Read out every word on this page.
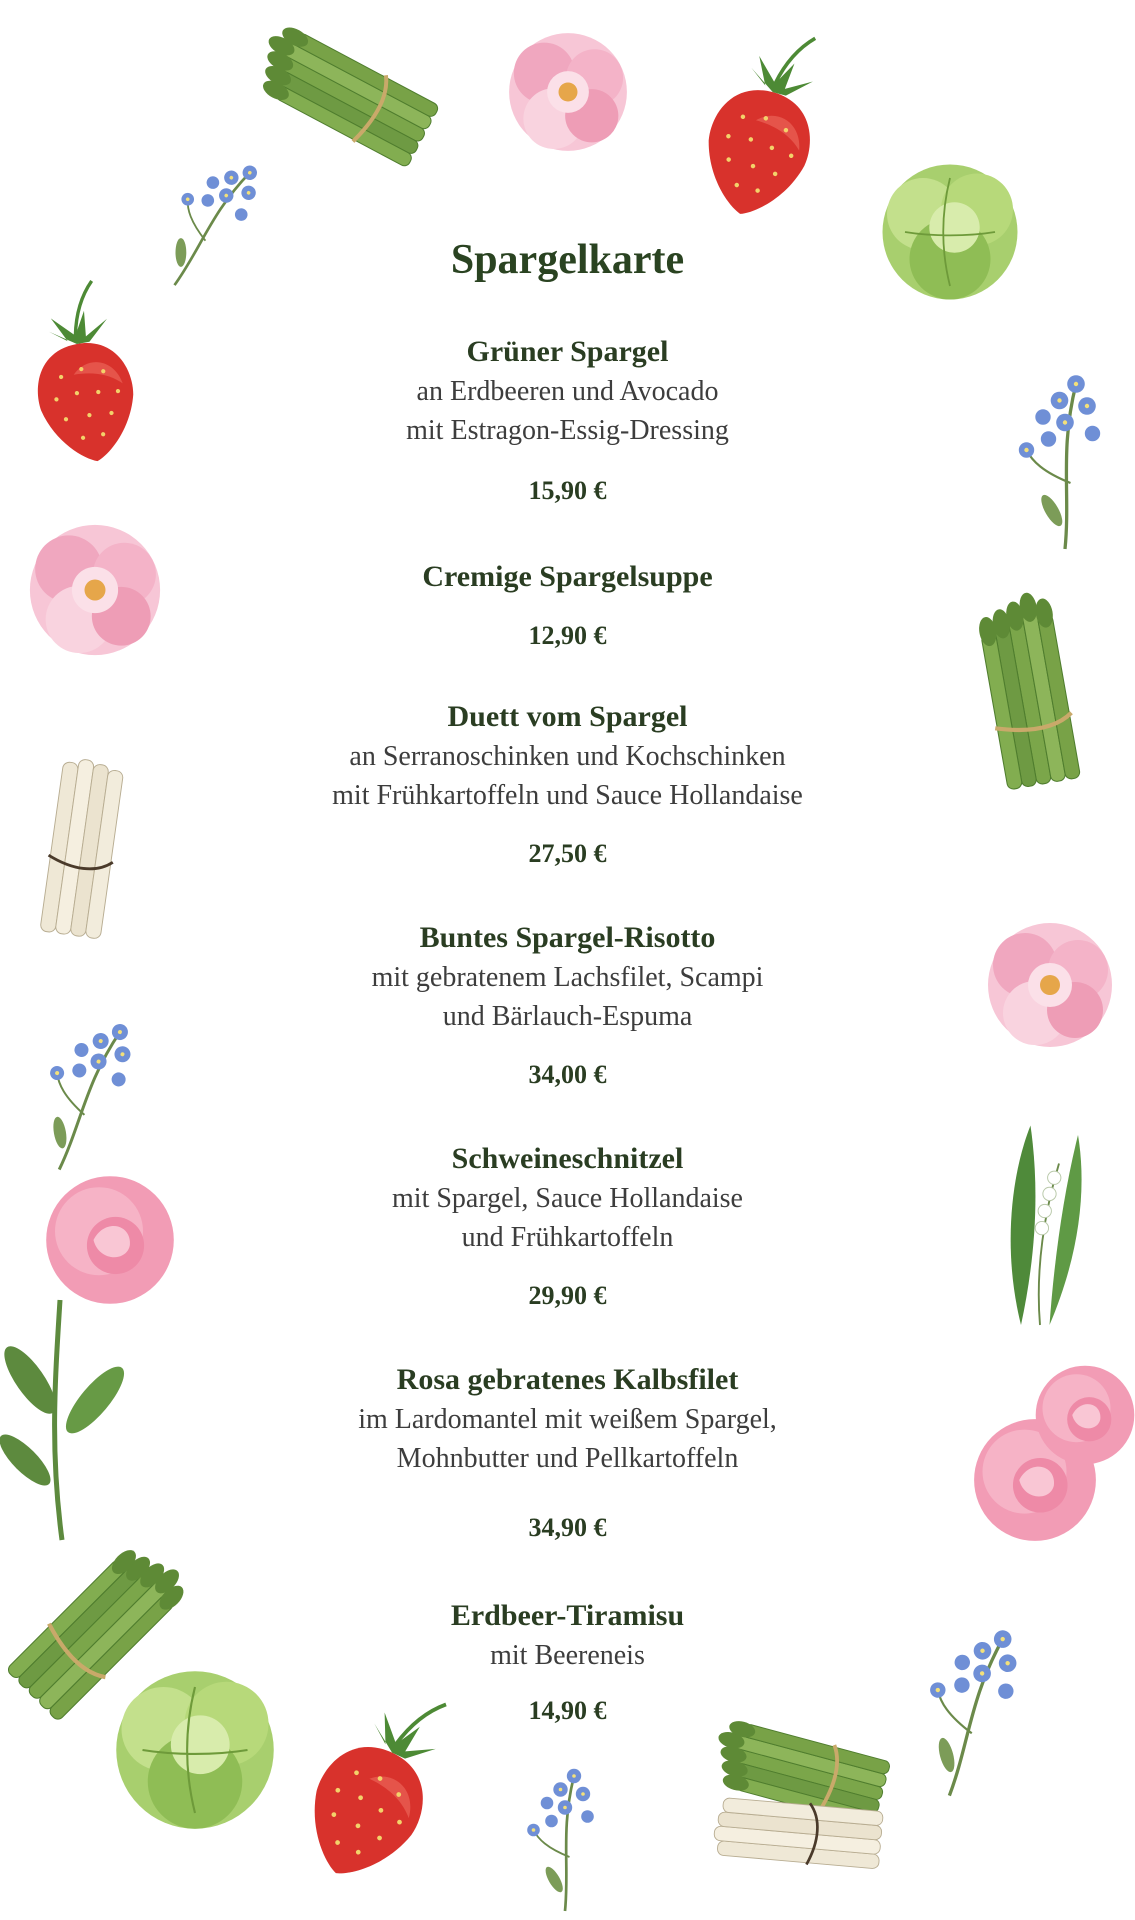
Spargelkarte
Grüner Spargel
an Erdbeeren und Avocado
mit Estragon-Essig-Dressing
15,90 €
Cremige Spargelsuppe
12,90 €
Duett vom Spargel
an Serranoschinken und Kochschinken
mit Frühkartoffeln und Sauce Hollandaise
27,50 €
Buntes Spargel-Risotto
mit gebratenem Lachsfilet, Scampi
und Bärlauch-Espuma
34,00 €
Schweineschnitzel
mit Spargel, Sauce Hollandaise
und Frühkartoffeln
29,90 €
Rosa gebratenes Kalbsfilet
im Lardomantel mit weißem Spargel,
Mohnbutter und Pellkartoffeln
34,90 €
Erdbeer-Tiramisu
mit Beereneis
14,90 €
